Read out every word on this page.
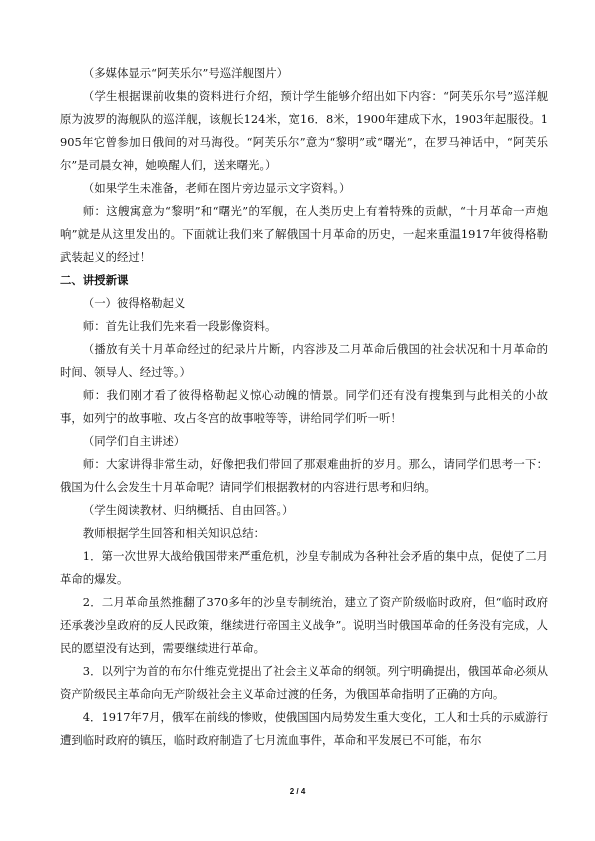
（多媒体显示“阿芙乐尔”号巡洋舰图片）

（学生根据课前收集的资料进行介绍，预计学生能够介绍出如下内容：“阿芙乐尔号”巡洋舰原为波罗的海舰队的巡洋舰，该舰长124米，宽16．8米，1900年建成下水，1903年起服役。1905年它曾参加日俄间的对马海役。“阿芙乐尔”意为“黎明”或“曙光”，在罗马神话中，“阿芙乐尔”是司晨女神，她唤醒人们，送来曙光。）

（如果学生未准备，老师在图片旁边显示文字资料。）

师：这艘寓意为“黎明”和“曙光”的军舰，在人类历史上有着特殊的贡献，“十月革命一声炮响”就是从这里发出的。下面就让我们来了解俄国十月革命的历史，一起来重温1917年彼得格勒武装起义的经过！

二、讲授新课

（一）彼得格勒起义

师：首先让我们先来看一段影像资料。

（播放有关十月革命经过的纪录片片断，内容涉及二月革命后俄国的社会状况和十月革命的时间、领导人、经过等。）

师：我们刚才看了彼得格勒起义惊心动魄的情景。同学们还有没有搜集到与此相关的小故事，如列宁的故事啦、攻占冬宫的故事啦等等，讲给同学们听一听！

（同学们自主讲述）

师：大家讲得非常生动，好像把我们带回了那艰难曲折的岁月。那么，请同学们思考一下：俄国为什么会发生十月革命呢？请同学们根据教材的内容进行思考和归纳。

（学生阅读教材、归纳概括、自由回答。）

教师根据学生回答和相关知识总结：

1．第一次世界大战给俄国带来严重危机，沙皇专制成为各种社会矛盾的集中点，促使了二月革命的爆发。

2．二月革命虽然推翻了370多年的沙皇专制统治，建立了资产阶级临时政府，但“临时政府还承袭沙皇政府的反人民政策，继续进行帝国主义战争”。说明当时俄国革命的任务没有完成，人民的愿望没有达到，需要继续进行革命。

3．以列宁为首的布尔什维克党提出了社会主义革命的纲领。列宁明确提出，俄国革命必须从资产阶级民主革命向无产阶级社会主义革命过渡的任务，为俄国革命指明了正确的方向。

4．1917年7月，俄军在前线的惨败，使俄国国内局势发生重大变化，工人和士兵的示威游行遭到临时政府的镇压，临时政府制造了七月流血事件，革命和平发展已不可能，布尔

2 / 4
